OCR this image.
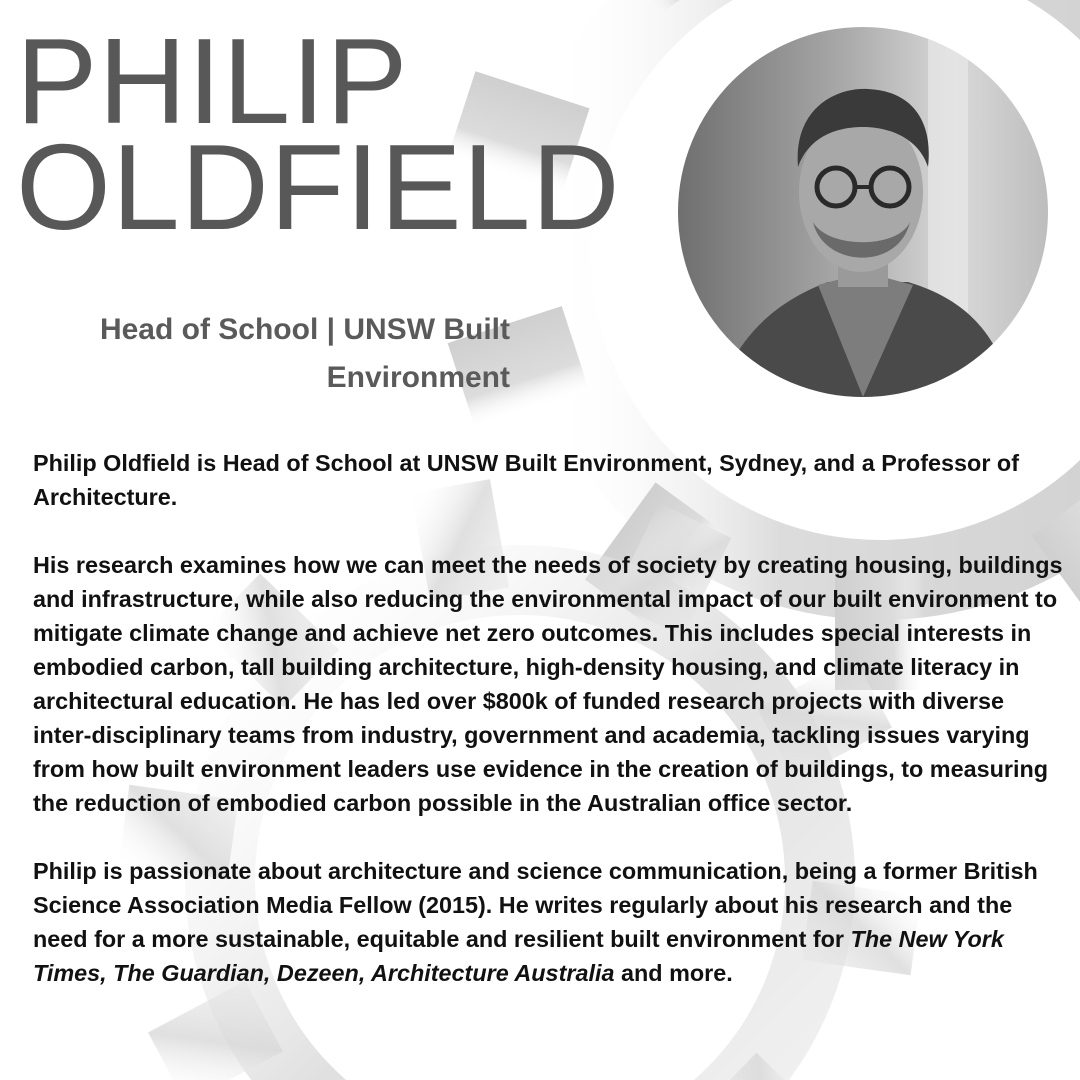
PHILIP
OLDFIELD
Head of School | UNSW Built
Environment

Philip Oldfield is Head of School at UNSW Built Environment, Sydney, and a Professor of Architecture.

His research examines how we can meet the needs of society by creating housing, buildings and infrastructure, while also reducing the environmental impact of our built environment to mitigate climate change and achieve net zero outcomes. This includes special interests in embodied carbon, tall building architecture, high-density housing, and climate literacy in architectural education. He has led over $800k of funded research projects with diverse inter-disciplinary teams from industry, government and academia, tackling issues varying from how built environment leaders use evidence in the creation of buildings, to measuring the reduction of embodied carbon possible in the Australian office sector.

Philip is passionate about architecture and science communication, being a former British Science Association Media Fellow (2015). He writes regularly about his research and the need for a more sustainable, equitable and resilient built environment for The New York Times, The Guardian, Dezeen, Architecture Australia and more.
